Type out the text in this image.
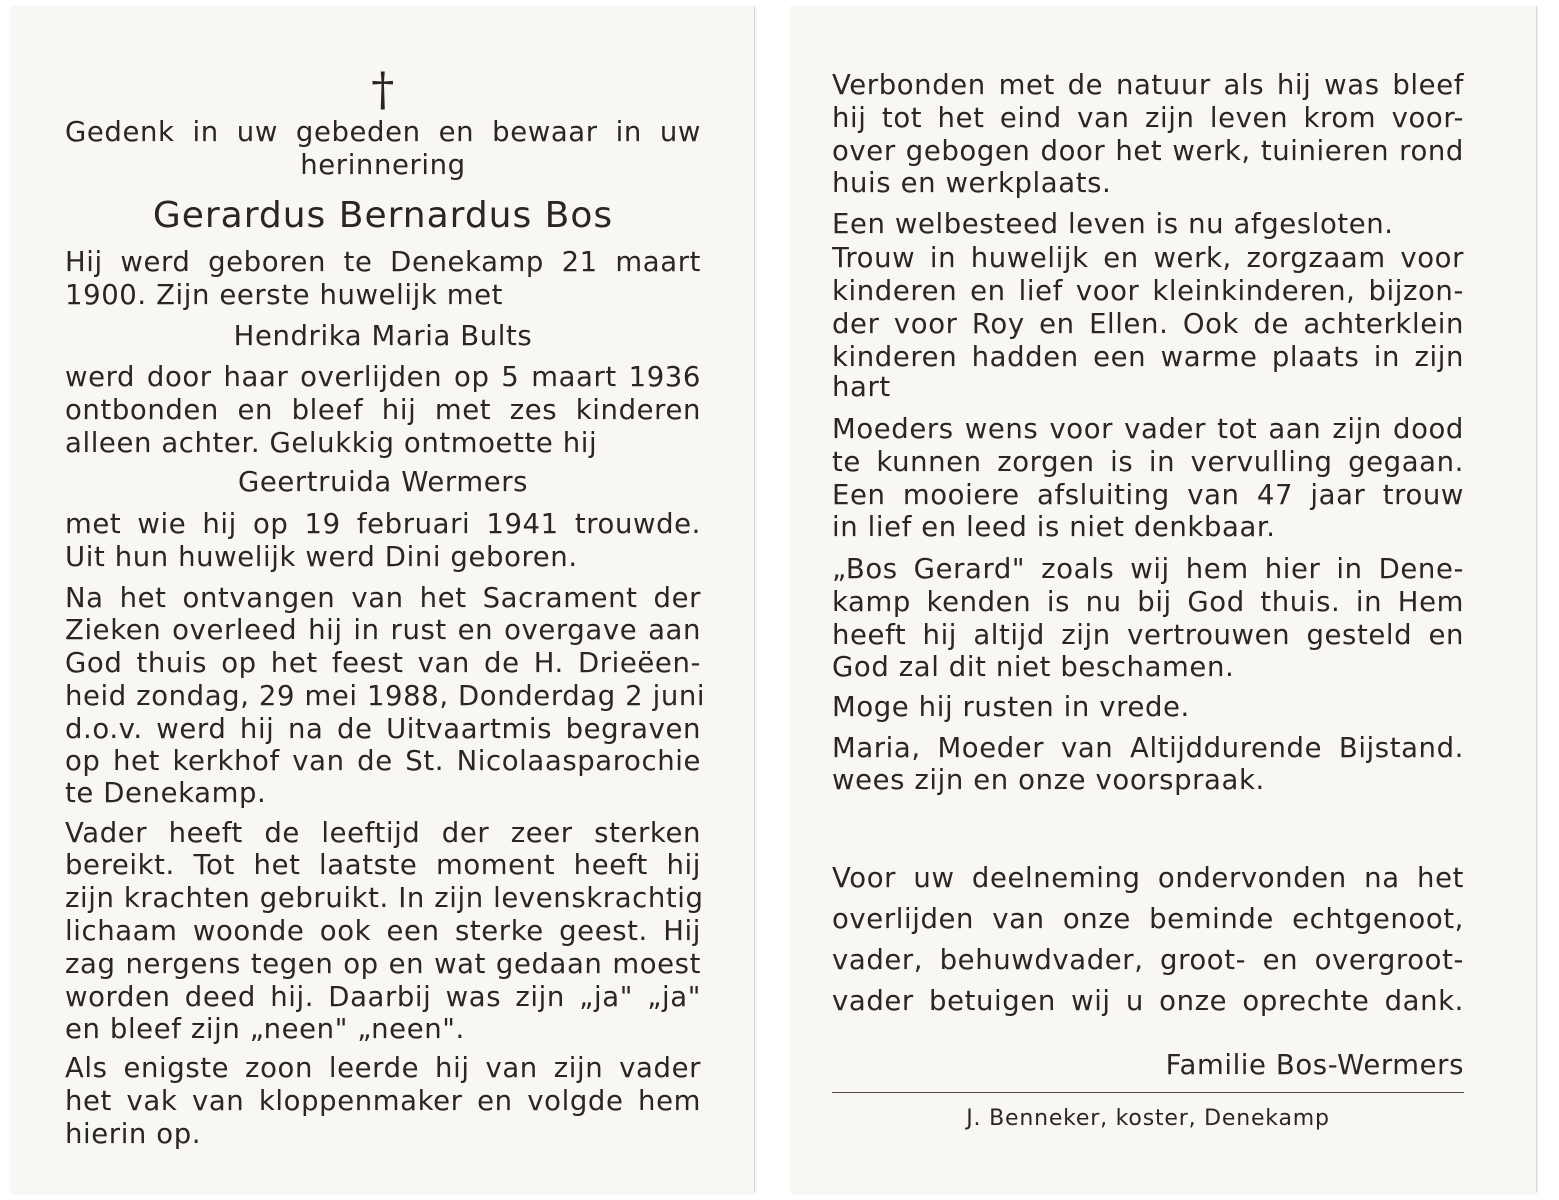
†
Gedenk in uw gebeden en bewaar in uw
herinnering
Gerardus Bernardus Bos
Hij werd geboren te Denekamp 21 maart
1900. Zijn eerste huwelijk met
Hendrika Maria Bults
werd door haar overlijden op 5 maart 1936
ontbonden en bleef hij met zes kinderen
alleen achter. Gelukkig ontmoette hij
Geertruida Wermers
met wie hij op 19 februari 1941 trouwde.
Uit hun huwelijk werd Dini geboren.
Na het ontvangen van het Sacrament der
Zieken overleed hij in rust en overgave aan
God thuis op het feest van de H. Drieëen-
heid zondag, 29 mei 1988, Donderdag 2 juni
d.o.v. werd hij na de Uitvaartmis begraven
op het kerkhof van de St. Nicolaasparochie
te Denekamp.
Vader heeft de leeftijd der zeer sterken
bereikt. Tot het laatste moment heeft hij
zijn krachten gebruikt. In zijn levenskrachtig
lichaam woonde ook een sterke geest. Hij
zag nergens tegen op en wat gedaan moest
worden deed hij. Daarbij was zijn „ja" „ja"
en bleef zijn „neen" „neen".
Als enigste zoon leerde hij van zijn vader
het vak van kloppenmaker en volgde hem
hierin op.
Verbonden met de natuur als hij was bleef
hij tot het eind van zijn leven krom voor-
over gebogen door het werk, tuinieren rond
huis en werkplaats.
Een welbesteed leven is nu afgesloten.
Trouw in huwelijk en werk, zorgzaam voor
kinderen en lief voor kleinkinderen, bijzon-
der voor Roy en Ellen. Ook de achterklein
kinderen hadden een warme plaats in zijn
hart
Moeders wens voor vader tot aan zijn dood
te kunnen zorgen is in vervulling gegaan.
Een mooiere afsluiting van 47 jaar trouw
in lief en leed is niet denkbaar.
„Bos Gerard" zoals wij hem hier in Dene-
kamp kenden is nu bij God thuis. in Hem
heeft hij altijd zijn vertrouwen gesteld en
God zal dit niet beschamen.
Moge hij rusten in vrede.
Maria, Moeder van Altijddurende Bijstand.
wees zijn en onze voorspraak.
Voor uw deelneming ondervonden na het
overlijden van onze beminde echtgenoot,
vader, behuwdvader, groot- en overgroot-
vader betuigen wij u onze oprechte dank.
Familie Bos-Wermers
J. Benneker, koster, Denekamp
